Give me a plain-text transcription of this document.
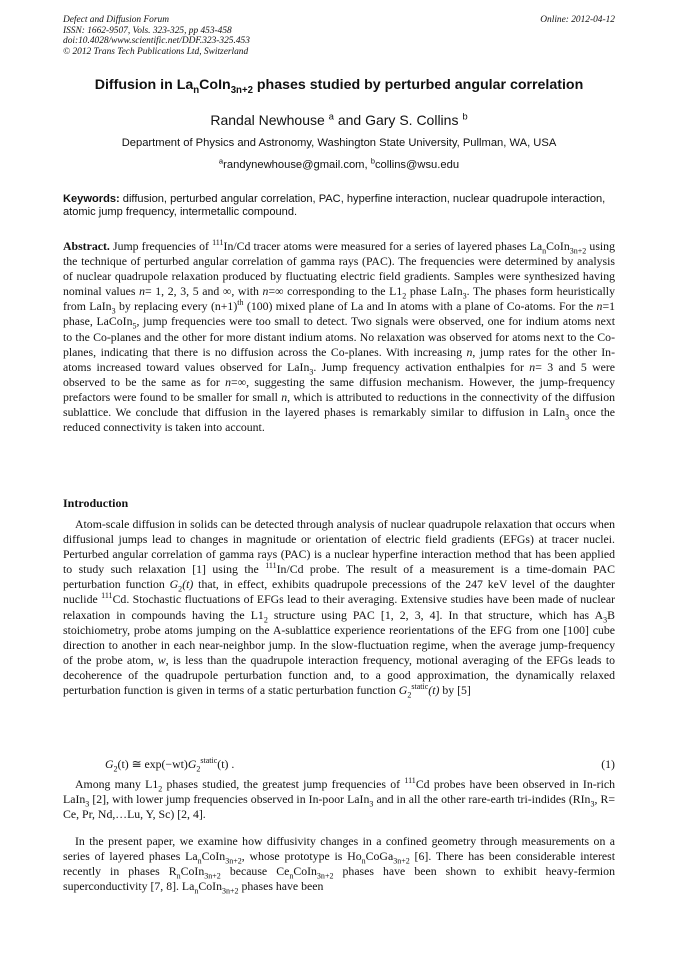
Defect and Diffusion Forum
ISSN: 1662-9507, Vols. 323-325, pp 453-458
doi:10.4028/www.scientific.net/DDF.323-325.453
© 2012 Trans Tech Publications Ltd, Switzerland
Online: 2012-04-12
Diffusion in $La_nCoIn_{3n+2}$ phases studied by perturbed angular correlation
Randal Newhouse $^a$ and Gary S. Collins $^b$
Department of Physics and Astronomy, Washington State University, Pullman, WA, USA
$^a$randynewhouse@gmail.com, $^b$collins@wsu.edu
Keywords: diffusion, perturbed angular correlation, PAC, hyperfine interaction, nuclear quadrupole interaction, atomic jump frequency, intermetallic compound.
Abstract. Jump frequencies of $^{111}$In/Cd tracer atoms were measured for a series of layered phases $La_nCoIn_{3n+2}$ using the technique of perturbed angular correlation of gamma rays (PAC). The frequencies were determined by analysis of nuclear quadrupole relaxation produced by fluctuating electric field gradients. Samples were synthesized having nominal values n= 1, 2, 3, 5 and ∞, with n=∞ corresponding to the $L1_2$ phase LaIn$_3$. The phases form heuristically from LaIn$_3$ by replacing every $(n+1)^{th}$ (100) mixed plane of La and In atoms with a plane of Co-atoms. For the n=1 phase, LaCoIn$_5$, jump frequencies were too small to detect. Two signals were observed, one for indium atoms next to the Co-planes and the other for more distant indium atoms. No relaxation was observed for atoms next to the Co-planes, indicating that there is no diffusion across the Co-planes. With increasing n, jump rates for the other In-atoms increased toward values observed for LaIn$_3$. Jump frequency activation enthalpies for n= 3 and 5 were observed to be the same as for n=∞, suggesting the same diffusion mechanism. However, the jump-frequency prefactors were found to be smaller for small n, which is attributed to reductions in the connectivity of the diffusion sublattice. We conclude that diffusion in the layered phases is remarkably similar to diffusion in LaIn$_3$ once the reduced connectivity is taken into account.
Introduction
Atom-scale diffusion in solids can be detected through analysis of nuclear quadrupole relaxation that occurs when diffusional jumps lead to changes in magnitude or orientation of electric field gradients (EFGs) at tracer nuclei. Perturbed angular correlation of gamma rays (PAC) is a nuclear hyperfine interaction method that has been applied to study such relaxation [1] using the $^{111}$In/Cd probe. The result of a measurement is a time-domain PAC perturbation function $G_2(t)$ that, in effect, exhibits quadrupole precessions of the 247 keV level of the daughter nuclide $^{111}$Cd. Stochastic fluctuations of EFGs lead to their averaging. Extensive studies have been made of nuclear relaxation in compounds having the $L1_2$ structure using PAC [1, 2, 3, 4]. In that structure, which has $A_3B$ stoichiometry, probe atoms jumping on the A-sublattice experience reorientations of the EFG from one [100] cube direction to another in each near-neighbor jump. In the slow-fluctuation regime, when the average jump-frequency of the probe atom, w, is less than the quadrupole interaction frequency, motional averaging of the EFGs leads to decoherence of the quadrupole perturbation function and, to a good approximation, the dynamically relaxed perturbation function is given in terms of a static perturbation function $G_2^{static}(t)$ by [5]
$G_2(t)$ ≅ $\exp(-wt)G_2^{static}(t)$ .	(1)
Among many $L1_2$ phases studied, the greatest jump frequencies of $^{111}$Cd probes have been observed in In-rich LaIn$_3$ [2], with lower jump frequencies observed in In-poor LaIn$_3$ and in all the other rare-earth tri-indides (RIn$_3$, R= Ce, Pr, Nd,…Lu, Y, Sc) [2, 4].
In the present paper, we examine how diffusivity changes in a confined geometry through measurements on a series of layered phases $La_nCoIn_{3n+2}$, whose prototype is $Ho_nCoGa_{3n+2}$ [6]. There has been considerable interest recently in phases $R_nCoIn_{3n+2}$ because $Ce_nCoIn_{3n+2}$ phases have been shown to exhibit heavy-fermion superconductivity [7, 8]. $La_nCoIn_{3n+2}$ phases have been
